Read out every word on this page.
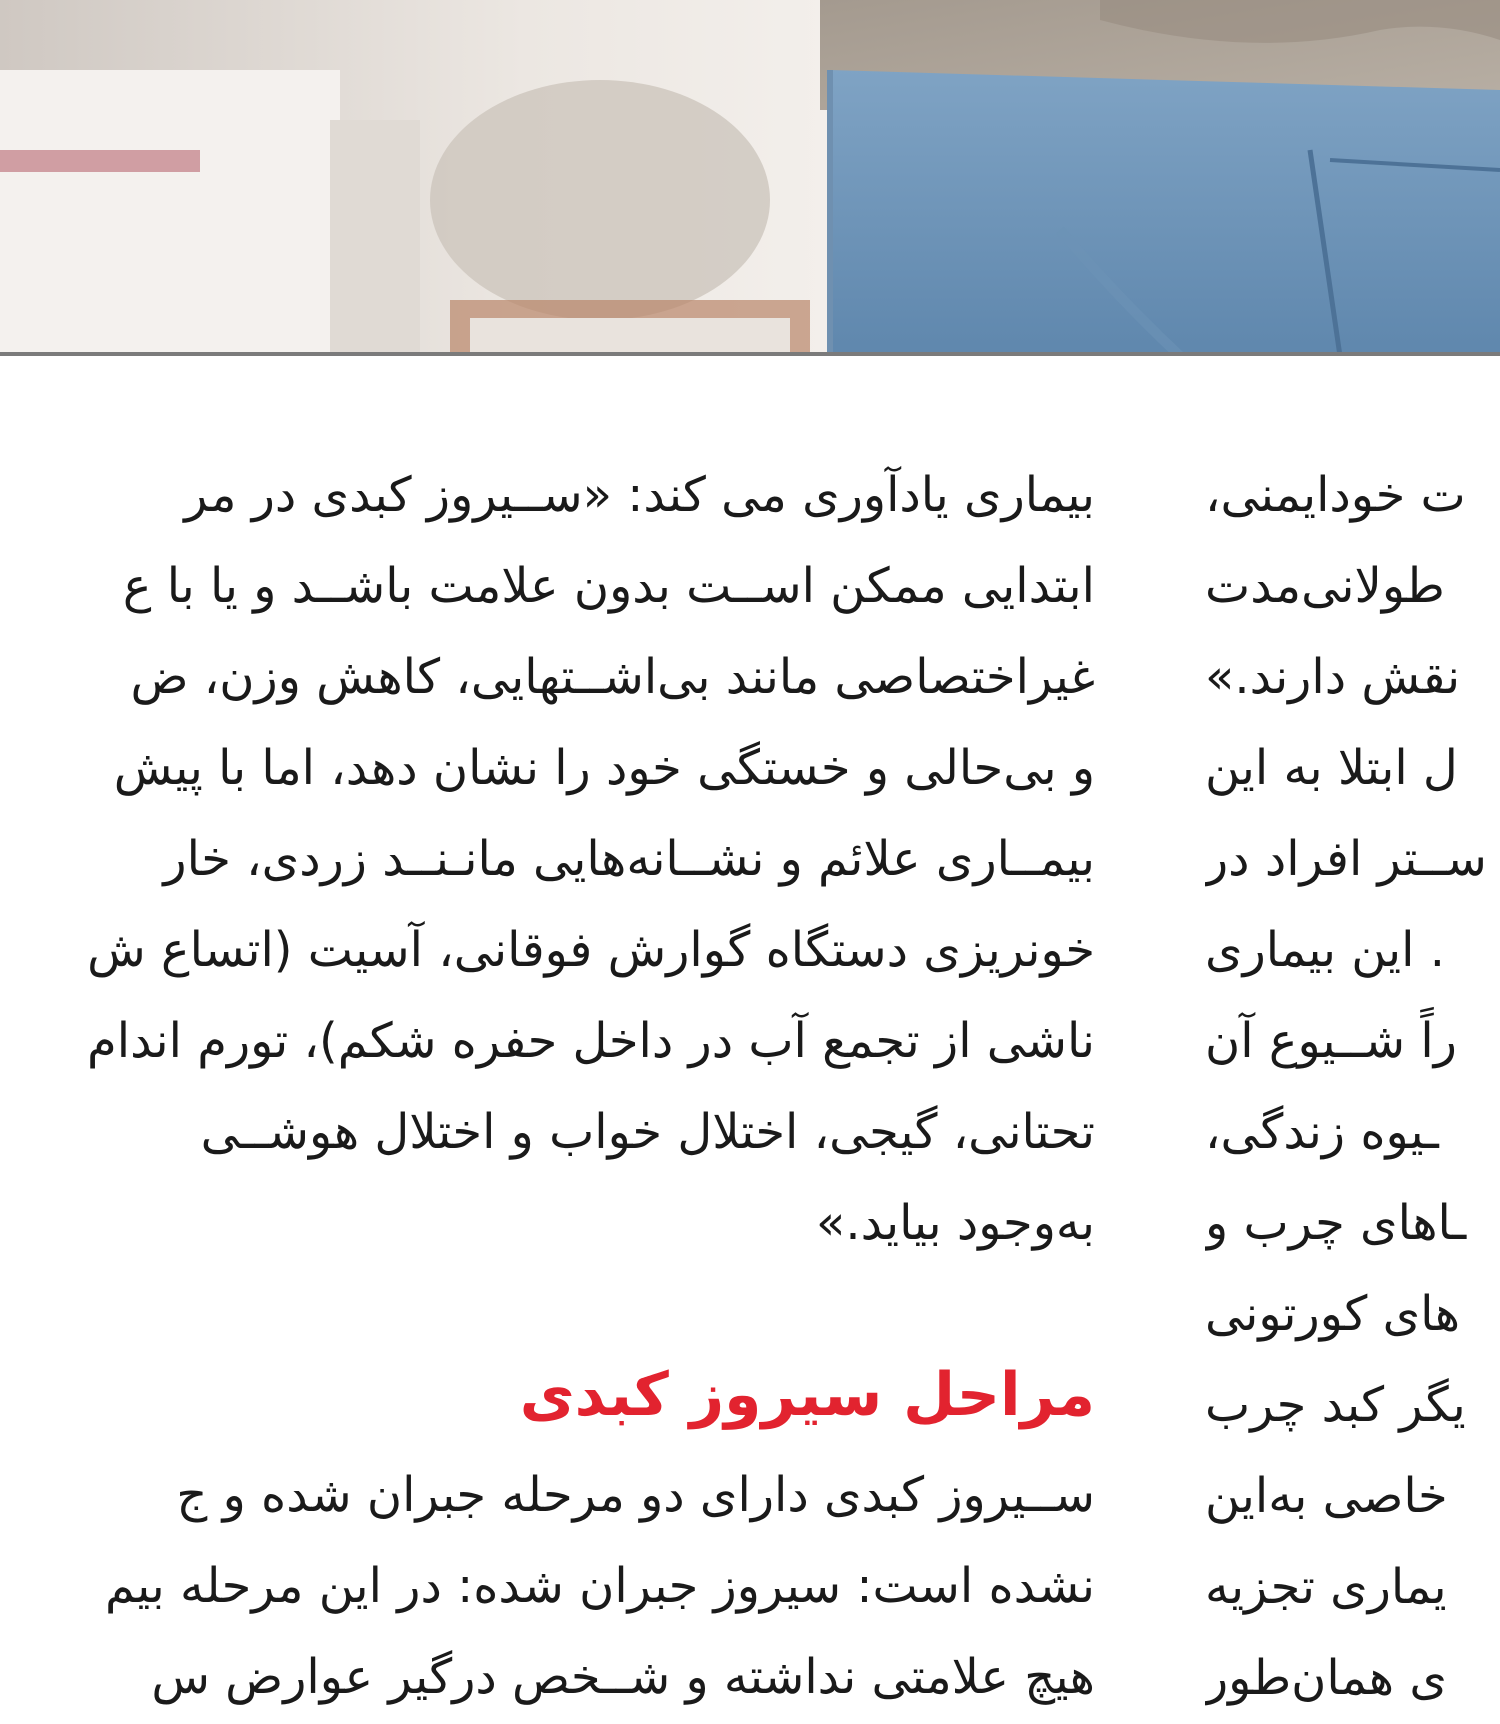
بیماری یادآوری می کند: «ســیروز کبدی در مر
ابتدایی ممکن اســت بدون علامت باشــد و یا با ع
غیراختصاصی مانند بی‌اشــتهایی، کاهش وزن، ض
و بی‌حالی و خستگی خود را نشان دهد، اما با پیش
بیمــاری علائم و نشــانه‌هایی مانـنــد زردی، خار
خونریزی دستگاه گوارش فوقانی، آسیت (اتساع ش
ناشی از تجمع آب در داخل حفره شکم)، تورم اندام
تحتانی، گیجی، اختلال خواب و اختلال هوشــی
به‌وجود بیاید.»
مراحل سیروز کبدی
ســیروز کبدی دارای دو مرحله جبران شده و ج
نشده است: سیروز جبران شده: در این مرحله بیم
هیچ علامتی نداشته و شــخص درگیر عوارض س
ت خودایمنی،
طولانی‌مدت
نقش دارند.»
ل ابتلا به این
ســتر افراد در
. این بیماری
راً شــیوع آن
ـیوه زندگی،
ـاهای چرب و
های کورتونی
یگر کبد چرب
خاصی به‌این
یماری تجزیه
ی همان‌طور
